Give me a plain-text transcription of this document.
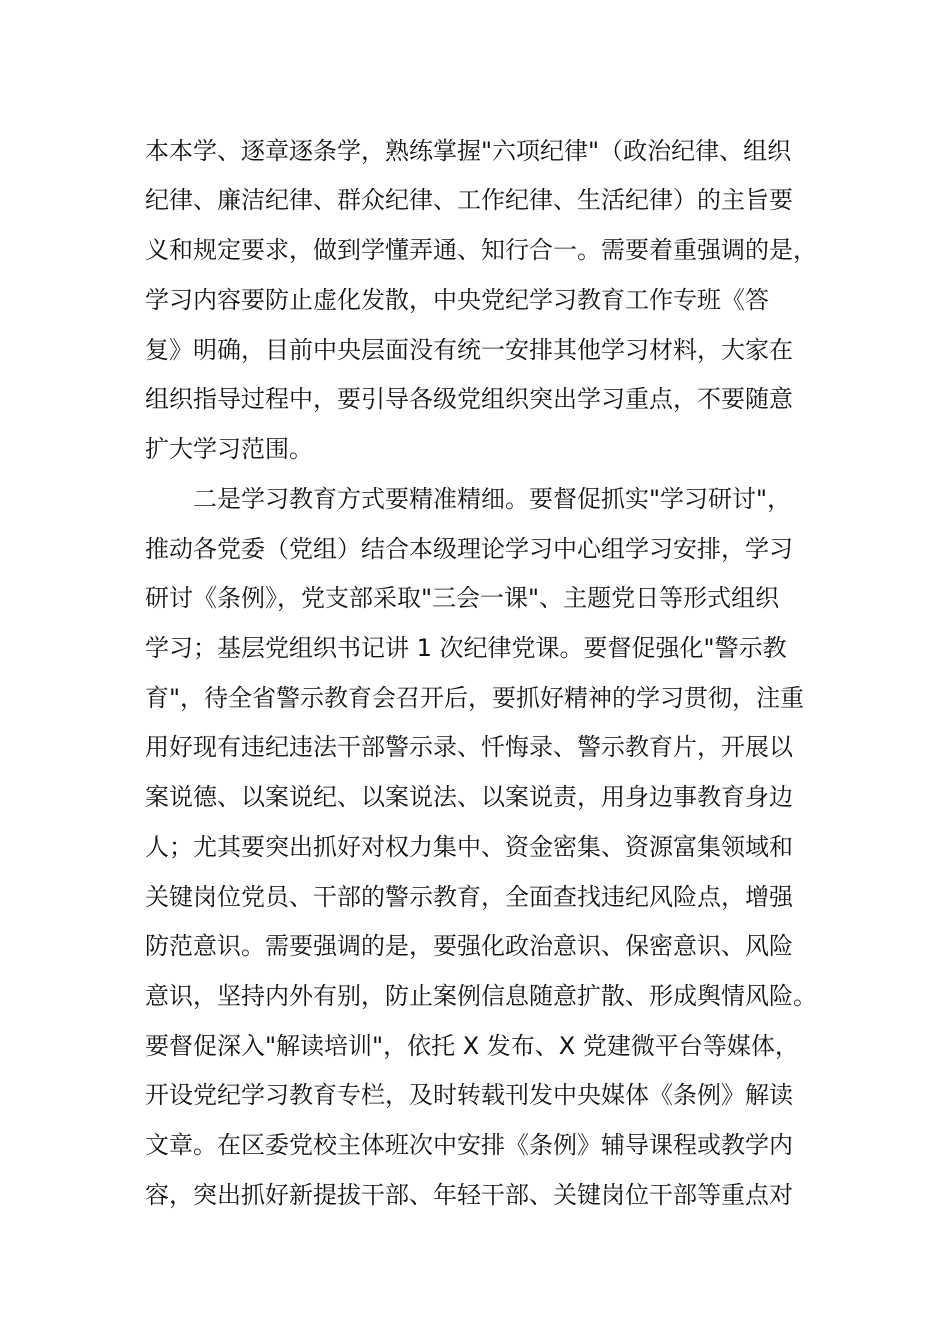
本本学、逐章逐条学，熟练掌握"六项纪律"（政治纪律、组织
纪律、廉洁纪律、群众纪律、工作纪律、生活纪律）的主旨要
义和规定要求，做到学懂弄通、知行合一。需要着重强调的是，
学习内容要防止虚化发散，中央党纪学习教育工作专班《答
复》明确，目前中央层面没有统一安排其他学习材料，大家在
组织指导过程中，要引导各级党组织突出学习重点，不要随意
扩大学习范围。
二是学习教育方式要精准精细。要督促抓实"学习研讨"，
推动各党委（党组）结合本级理论学习中心组学习安排，学习
研讨《条例》，党支部采取"三会一课"、主题党日等形式组织
学习；基层党组织书记讲 1 次纪律党课。要督促强化"警示教
育"，待全省警示教育会召开后，要抓好精神的学习贯彻，注重
用好现有违纪违法干部警示录、忏悔录、警示教育片，开展以
案说德、以案说纪、以案说法、以案说责，用身边事教育身边
人；尤其要突出抓好对权力集中、资金密集、资源富集领域和
关键岗位党员、干部的警示教育，全面查找违纪风险点，增强
防范意识。需要强调的是，要强化政治意识、保密意识、风险
意识，坚持内外有别，防止案例信息随意扩散、形成舆情风险。
要督促深入"解读培训"，依托 X 发布、X 党建微平台等媒体，
开设党纪学习教育专栏，及时转载刊发中央媒体《条例》解读
文章。在区委党校主体班次中安排《条例》辅导课程或教学内
容，突出抓好新提拔干部、年轻干部、关键岗位干部等重点对
